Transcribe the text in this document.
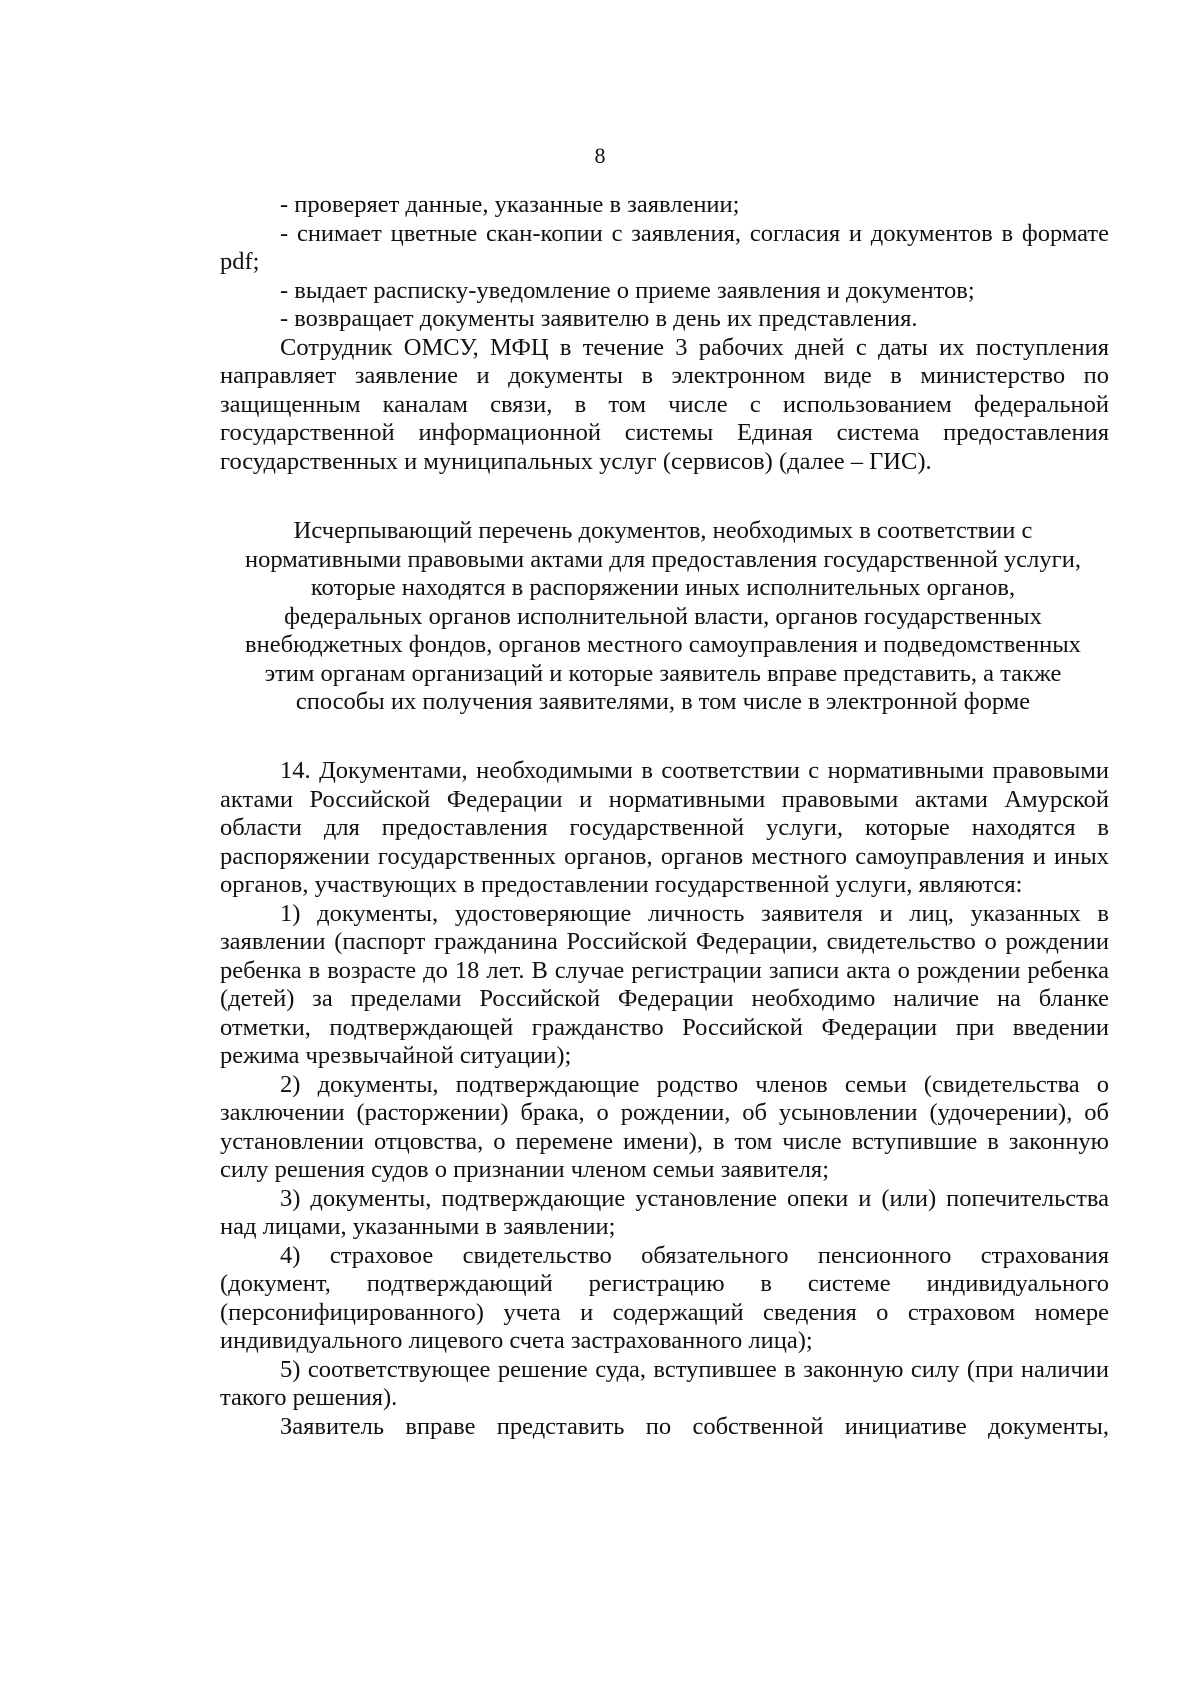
8

- проверяет данные, указанные в заявлении;

- снимает цветные скан-копии с заявления, согласия и документов в формате pdf;

- выдает расписку-уведомление о приеме заявления и документов;

- возвращает документы заявителю в день их представления.

Сотрудник ОМСУ, МФЦ в течение 3 рабочих дней с даты их поступления направляет заявление и документы в электронном виде в министерство по защищенным каналам связи, в том числе с использованием федеральной государственной информационной системы Единая система предоставления государственных и муниципальных услуг (сервисов) (далее – ГИС).

Исчерпывающий перечень документов, необходимых в соответствии с
нормативными правовыми актами для предоставления государственной услуги,
которые находятся в распоряжении иных исполнительных органов,
федеральных органов исполнительной власти, органов государственных
внебюджетных фондов, органов местного самоуправления и подведомственных
этим органам организаций и которые заявитель вправе представить, а также
способы их получения заявителями, в том числе в электронной форме

14. Документами, необходимыми в соответствии с нормативными правовыми актами Российской Федерации и нормативными правовыми актами Амурской области для предоставления государственной услуги, которые находятся в распоряжении государственных органов, органов местного самоуправления и иных органов, участвующих в предоставлении государственной услуги, являются:

1) документы, удостоверяющие личность заявителя и лиц, указанных в заявлении (паспорт гражданина Российской Федерации, свидетельство о рождении ребенка в возрасте до 18 лет. В случае регистрации записи акта о рождении ребенка (детей) за пределами Российской Федерации необходимо наличие на бланке отметки, подтверждающей гражданство Российской Федерации при введении режима чрезвычайной ситуации);

2) документы, подтверждающие родство членов семьи (свидетельства о заключении (расторжении) брака, о рождении, об усыновлении (удочерении), об установлении отцовства, о перемене имени), в том числе вступившие в законную силу решения судов о признании членом семьи заявителя;

3) документы, подтверждающие установление опеки и (или) попечительства над лицами, указанными в заявлении;

4) страховое свидетельство обязательного пенсионного страхования (документ, подтверждающий регистрацию в системе индивидуального (персонифицированного) учета и содержащий сведения о страховом номере индивидуального лицевого счета застрахованного лица);

5) соответствующее решение суда, вступившее в законную силу (при наличии такого решения).

Заявитель вправе представить по собственной инициативе документы,
